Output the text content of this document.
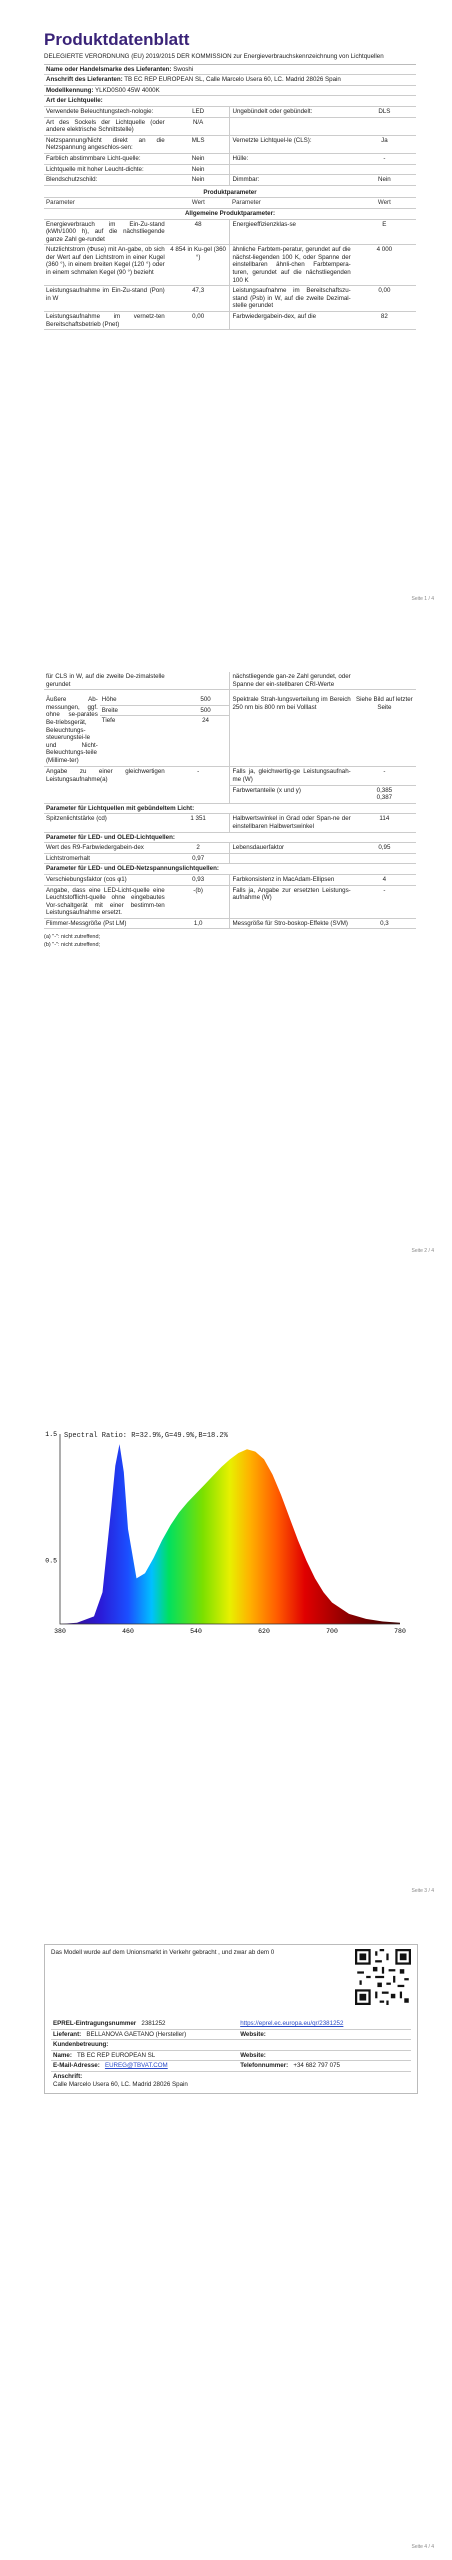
Produktdatenblatt
DELEGIERTE VERORDNUNG (EU) 2019/2015 DER KOMMISSION zur Energieverbrauchskennzeichnung von Lichtquellen
Name oder Handelsmarke des Lieferanten: Swoshi
Anschrift des Lieferanten: TB EC REP EUROPEAN SL, Calle Marcelo Usera 60, LC. Madrid 28026 Spain
Modellkennung: YLKD0S00 45W 4000K
Art der Lichtquelle:
Verwendete Beleuchtungstech-nologie:	LED	Ungebündelt oder gebündelt:	DLS
Art des Sockels der Lichtquelle (oder andere elektrische Schnittstelle)	N/A		
Netzspannung/Nicht direkt an die Netzspannung angeschlos-sen:	MLS	Vernetzte Lichtquel-le (CLS):	Ja
Farblich abstimmbare Licht-quelle:	Nein	Hülle:	-
Lichtquelle mit hoher Leucht-dichte:	Nein		
Blendschutzschild:	Nein	Dimmbar:	Nein
Produktparameter			
Parameter	Wert	Parameter	Wert
Allgemeine Produktparameter:			
Energieverbrauch im Ein-Zu-stand (kWh/1000 h), auf die nächstliegende ganze Zahl ge-rundet	48	Energieeffizienzklas-se	E
Nutzlichtstrom (Φuse) mit An-gabe, ob sich der Wert auf den Lichtstrom in einer Kugel (360 °), in einem breiten Kegel (120 °) oder in einem schmalen Kegel (90 °) bezieht	4 854 in Ku-gel (360 °)	ähnliche Farbtem-peratur, gerundet auf die nächst-liegenden 100 K, oder Spanne der einstellbaren ähnli-chen Farbtempera-turen, gerundet auf die nächstliegenden 100 K	4 000
Leistungsaufnahme im Ein-Zu-stand (Pon) in W	47,3	Leistungsaufnahme im Bereitschaftszu-stand (Psb) in W, auf die zweite Dezimal-stelle gerundet	0,00
Leistungsaufnahme im vernetz-ten Bereitschaftsbetrieb (Pnet)	0,00	Farbwiedergabein-dex, auf die	82
Seite 1 / 4
für CLS in W, auf die zweite De-zimalstelle gerundet		nächstliegende gan-ze Zahl gerundet, oder Spanne der ein-stellbaren CRI-Werte	
Äußere Ab-messungen, ggf. ohne se-parates Be-triebsgerät, Beleuchtungs-steuerungstei-le und Nicht-Beleuchtungs-teile (Millime-ter)	Höhe	500	Spektrale Strah-lungsverteilung im Bereich 250 nm bis 800 nm bei Volllast	Siehe Bild auf letzter Seite
	Breite	500		
	Tiefe	24		
Angabe zu einer gleichwertigen Leistungsaufnahme(a)	-	Falls ja, gleichwertig-ge Leistungsaufnah-me (W)	-
		Farbwertanteile (x und y)	0,385
0,387
Parameter für Lichtquellen mit gebündeltem Licht:			
Spitzenlichtstärke (cd)	1 351	Halbwertswinkel in Grad oder Span-ne der einstellbaren Halbwertswinkel	114
Parameter für LED- und OLED-Lichtquellen:			
Wert des R9-Farbwiedergabein-dex	2	Lebensdauerfaktor	0,95
Lichtstromerhalt	0,97		
Parameter für LED- und OLED-Netzspannungslichtquellen:			
Verschiebungsfaktor (cos φ1)	0,93	Farbkonsistenz in MacAdam-Ellipsen	4
Angabe, dass eine LED-Licht-quelle eine Leuchtstofflicht-quelle ohne eingebautes Vor-schaltgerät mit einer bestimm-ten Leistungsaufnahme ersetzt.	-(b)	Falls ja, Angabe zur ersetzten Leistungs-aufnahme (W)	-
Flimmer-Messgröße (Pst LM)	1,0	Messgröße für Stro-boskop-Effekte (SVM)	0,3
(a) "-": nicht zutreffend;
(b) "-": nicht zutreffend;
Seite 2 / 4
380	460	540	620	700	780
0.5
1.5 Spectral Ratio: R=32.9%,G=49.9%,B=18.2%
Seite 3 / 4
Das Modell wurde auf dem Unionsmarkt in Verkehr gebracht , und zwar ab dem 0
EPREL-Eintragungsnummer 2381252	https://eprel.ec.europa.eu/qr/2381252
Lieferant: BELLANOVA GAETANO (Hersteller)	Website:
Kundenbetreuung:	
Name: TB EC REP EUROPEAN SL	Website:
E-Mail-Adresse: EUREG@TBVAT.COM	Telefonnummer: +34 682 797 075

Anschrift:
Calle Marcelo Usera 60, LC. Madrid 28026 Spain	
Seite 4 / 4
